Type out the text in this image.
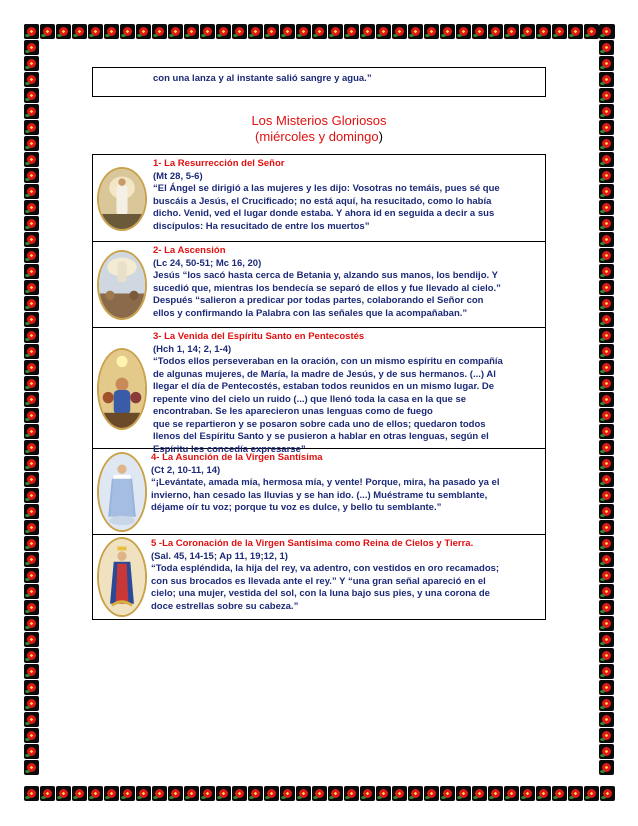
con una lanza y al instante salió sangre y agua.”
Los Misterios Gloriosos
(miércoles y domingo)
1- La Resurrección del Señor
(Mt 28, 5-6)
“El Ángel se dirigió a las mujeres y les dijo: Vosotras no temáis, pues sé que
buscáis a Jesús, el Crucificado; no está aquí, ha resucitado, como lo había
dicho. Venid, ved el lugar donde estaba. Y ahora id en seguida a decir a sus
discípulos: Ha resucitado de entre los muertos”
2- La Ascensión
(Lc 24, 50-51; Mc 16, 20)
Jesús “los sacó hasta cerca de Betania y, alzando sus manos, los bendijo. Y
sucedió que, mientras los bendecía se separó de ellos y fue llevado al cielo.”
Después “salieron a predicar por todas partes, colaborando el Señor con
ellos y confirmando la Palabra con las señales que la acompañaban.”
3- La Venida del Espíritu Santo en Pentecostés
(Hch 1, 14; 2, 1-4)
“Todos ellos perseveraban en la oración, con un mismo espíritu en compañía
de algunas mujeres, de María, la madre de Jesús, y de sus hermanos. (...) Al
llegar el día de Pentecostés, estaban todos reunidos en un mismo lugar. De
repente vino del cielo un ruido (...) que llenó toda la casa en la que se
encontraban. Se les aparecieron unas lenguas como de fuego
que se repartieron y se posaron sobre cada uno de ellos; quedaron todos
llenos del Espíritu Santo y se pusieron a hablar en otras lenguas, según el
Espíritu les concedía expresarse”
4- La Asunción de la Virgen Santísima
(Ct 2, 10-11, 14)
“¡Levántate, amada mía, hermosa mía, y vente! Porque, mira, ha pasado ya el
invierno, han cesado las lluvias y se han ido. (...) Muéstrame tu semblante,
déjame oír tu voz; porque tu voz es dulce, y bello tu semblante.”
5 -La Coronación de la Virgen Santísima como Reina de Cielos y Tierra.
(Sal. 45, 14-15; Ap 11, 19;12, 1)
“Toda espléndida, la hija del rey, va adentro, con vestidos en oro recamados;
con sus brocados es llevada ante el rey.” Y “una gran señal apareció en el
cielo; una mujer, vestida del sol, con la luna bajo sus pies, y una corona de
doce estrellas sobre su cabeza.”
